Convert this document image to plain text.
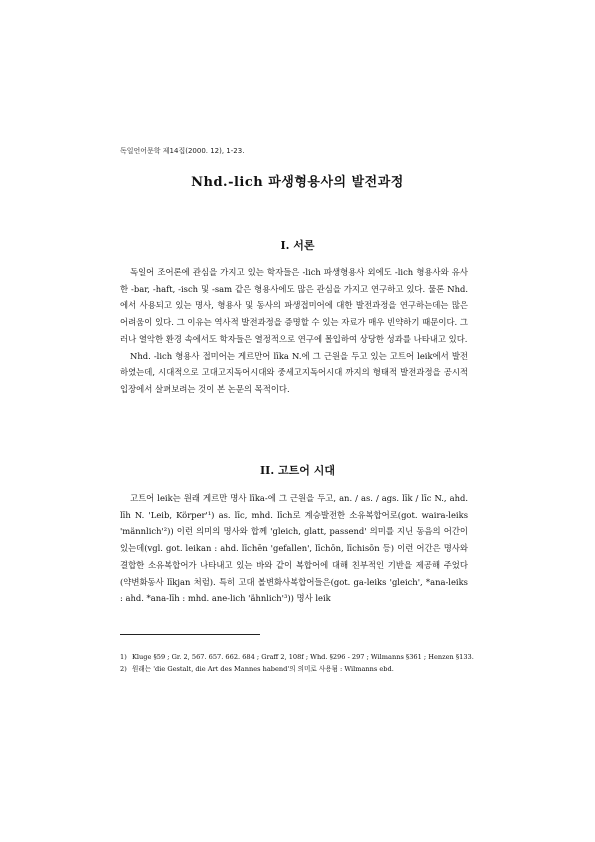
독일언어문학 제14집(2000. 12), 1-23.
Nhd.-lich 파생형용사의 발전과정
I. 서론

독일어 조어론에 관심을 가지고 있는 학자들은 -lich 파생형용사 외에도 -lich 형용사와 유사한 -bar, -haft, -isch 및 -sam 같은 형용사에도 많은 관심을 가지고 연구하고 있다. 물론 Nhd.에서 사용되고 있는 명사, 형용사 및 동사의 파생접미어에 대한 발전과정을 연구하는데는 많은 어려움이 있다. 그 이유는 역사적 발전과정을 증명할 수 있는 자료가 매우 빈약하기 때문이다. 그러나 열악한 환경 속에서도 학자들은 열정적으로 연구에 몰입하여 상당한 성과를 나타내고 있다.

Nhd. -lich 형용사 접미어는 게르만어 līka N.에 그 근원을 두고 있는 고트어 leik에서 발전하였는데, 시대적으로 고대고지독어시대와 중세고지독어시대 까지의 형태적 발전과정을 공시적 입장에서 살펴보려는 것이 본 논문의 목적이다.

II. 고트어 시대

고트어 leik는 원래 게르만 명사 līka-에 그 근원을 두고, an. / as. / ags. līk / līc N., ahd. līh N. 'Leib, Körper'¹) as. līc, mhd. līch로 계승발전한 소유복합어로(got. waira-leiks 'männlich'²)) 이런 의미의 명사와 합께 'gleich, glatt, passend' 의미를 지닌 동음의 어간이 있는데(vgl. got. leikan : ahd. līchēn 'gefallen', līchōn, līchisōn 등) 이런 어간은 명사와 결합한 소유복합어가 나타내고 있는 바와 같이 복합어에 대해 친부적인 기반을 제공해 주었다 (약변화동사 līkjan 처럼). 특히 고대 볼변화사복합어들은(got. ga-leiks 'gleich', *ana-leiks : ahd. *ana-līh : mhd. ane-lich 'ähnlich'³)) 명사 leik

1) Kluge §59 ; Gr. 2, 567. 657. 662. 684 ; Graff 2, 108f ; Whd. §296 - 297 ; Wilmanns §361 ; Henzen §133.
2) 원래는 'die Gestalt, die Art des Mannes habend'의 의미로 사용됨 : Wilmanns ebd.
